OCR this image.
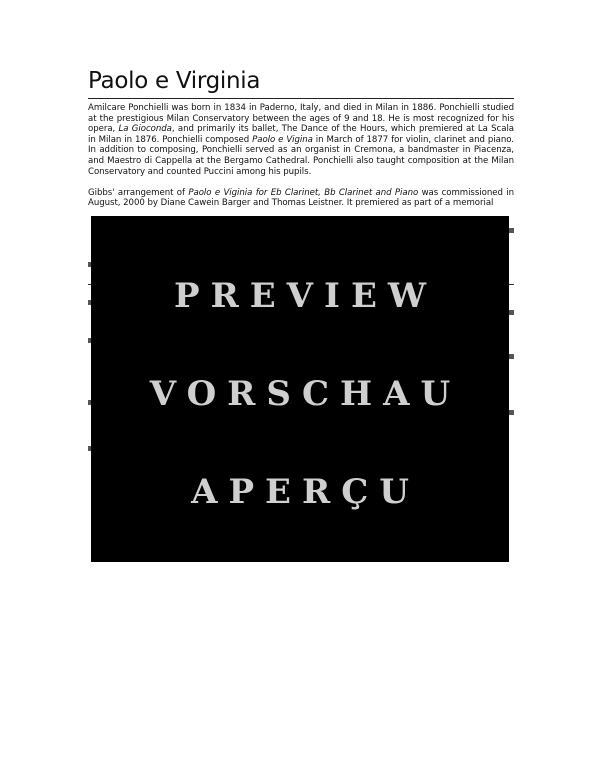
Paolo e Virginia

Amilcare Ponchielli was born in 1834 in Paderno, Italy, and died in Milan in 1886. Ponchielli studied at the prestigious Milan Conservatory between the ages of 9 and 18. He is most recognized for his opera, La Gioconda, and primarily its ballet, The Dance of the Hours, which premiered at La Scala in Milan in 1876. Ponchielli composed Paolo e Vigina in March of 1877 for violin, clarinet and piano. In addition to composing, Ponchielli served as an organist in Cremona, a bandmaster in Piacenza, and Maestro di Cappella at the Bergamo Cathedral. Ponchielli also taught composition at the Milan Conservatory and counted Puccini among his pupils.

Gibbs' arrangement of Paolo e Viginia for Eb Clarinet, Bb Clarinet and Piano was commissioned in August, 2000 by Diane Cawein Barger and Thomas Leistner. It premiered as part of a memorial

PREVIEW
VORSCHAU
APERÇU
